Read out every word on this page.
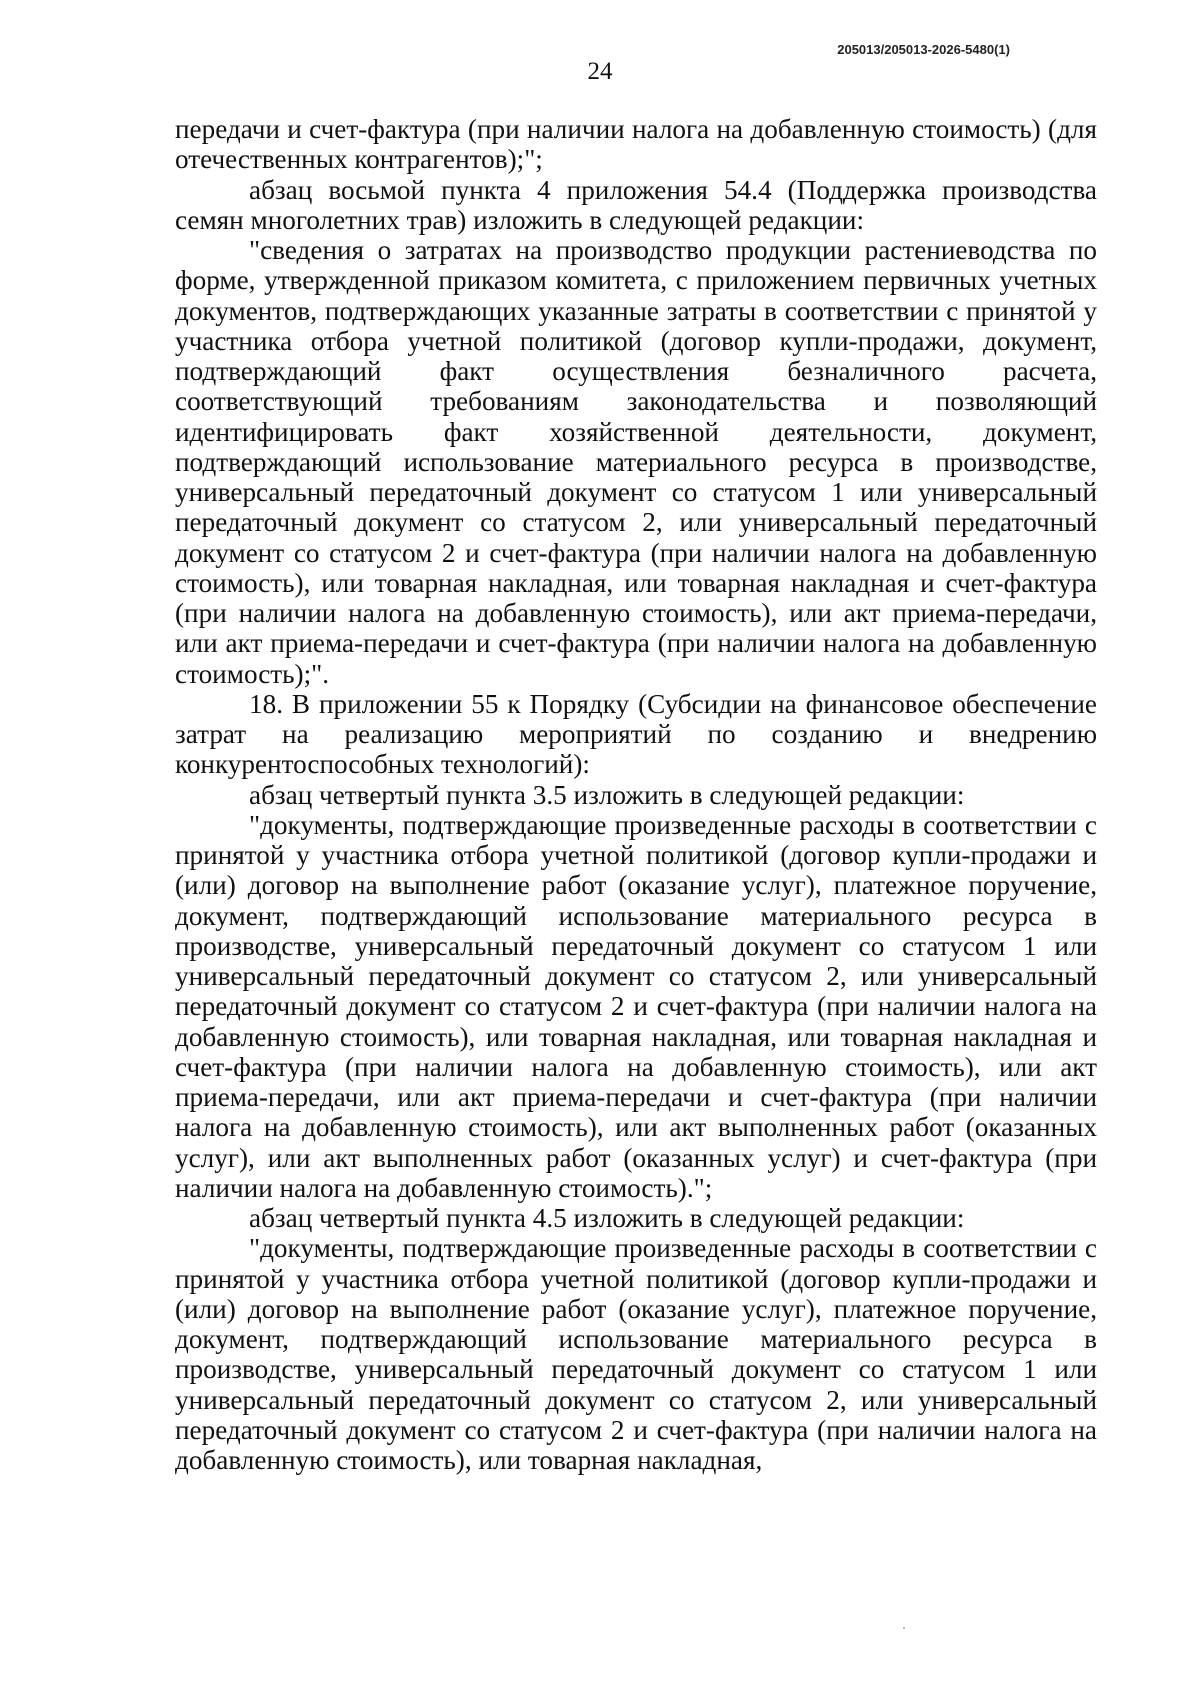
205013/205013-2026-5480(1)
24

передачи и счет-фактура (при наличии налога на добавленную стоимость) (для отечественных контрагентов);";

абзац восьмой пункта 4 приложения 54.4 (Поддержка производства семян многолетних трав) изложить в следующей редакции:

"сведения о затратах на производство продукции растениеводства по форме, утвержденной приказом комитета, с приложением первичных учетных документов, подтверждающих указанные затраты в соответствии с принятой у участника отбора учетной политикой (договор купли-продажи, документ, подтверждающий факт осуществления безналичного расчета, соответствующий требованиям законодательства и позволяющий идентифицировать факт хозяйственной деятельности, документ, подтверждающий использование материального ресурса в производстве, универсальный передаточный документ со статусом 1 или универсальный передаточный документ со статусом 2, или универсальный передаточный документ со статусом 2 и счет-фактура (при наличии налога на добавленную стоимость), или товарная накладная, или товарная накладная и счет-фактура (при наличии налога на добавленную стоимость), или акт приема-передачи, или акт приема-передачи и счет-фактура (при наличии налога на добавленную стоимость);".

18. В приложении 55 к Порядку (Субсидии на финансовое обеспечение затрат на реализацию мероприятий по созданию и внедрению конкурентоспособных технологий):

абзац четвертый пункта 3.5 изложить в следующей редакции:

"документы, подтверждающие произведенные расходы в соответствии с принятой у участника отбора учетной политикой (договор купли-продажи и (или) договор на выполнение работ (оказание услуг), платежное поручение, документ, подтверждающий использование материального ресурса в производстве, универсальный передаточный документ со статусом 1 или универсальный передаточный документ со статусом 2, или универсальный передаточный документ со статусом 2 и счет-фактура (при наличии налога на добавленную стоимость), или товарная накладная, или товарная накладная и счет-фактура (при наличии налога на добавленную стоимость), или акт приема-передачи, или акт приема-передачи и счет-фактура (при наличии налога на добавленную стоимость), или акт выполненных работ (оказанных услуг), или акт выполненных работ (оказанных услуг) и счет-фактура (при наличии налога на добавленную стоимость).";

абзац четвертый пункта 4.5 изложить в следующей редакции:

"документы, подтверждающие произведенные расходы в соответствии с принятой у участника отбора учетной политикой (договор купли-продажи и (или) договор на выполнение работ (оказание услуг), платежное поручение, документ, подтверждающий использование материального ресурса в производстве, универсальный передаточный документ со статусом 1 или универсальный передаточный документ со статусом 2, или универсальный передаточный документ со статусом 2 и счет-фактура (при наличии налога на добавленную стоимость), или товарная накладная,
